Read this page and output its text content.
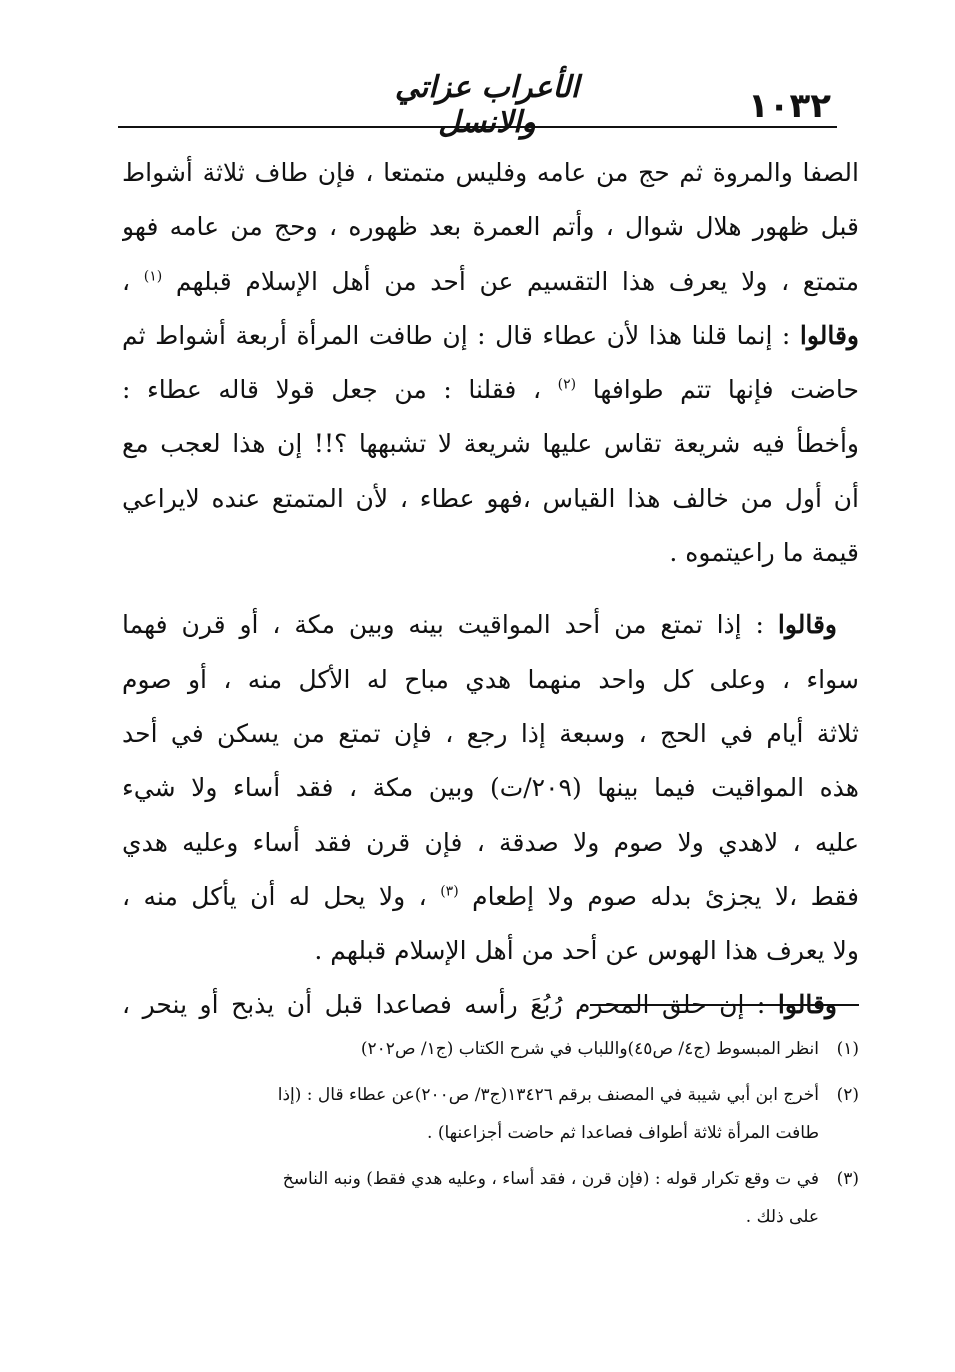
١٠٣٢
الأعراب عزاتي والانسل
الصفا والمروة ثم حج من عامه وفليس متمتعا ، فإن طاف ثلاثة أشواط
قبل ظهور هلال شوال ، وأتم العمرة بعد ظهوره ، وحج من عامه فهو
متمتع ، ولا يعرف هذا التقسيم عن أحد من أهل الإسلام قبلهم $^{(١)}$ ،
وقالوا : إنما قلنا هذا لأن عطاء قال : إن طافت المرأة أربعة أشواط ثم
حاضت فإنها تتم طوافها $^{(٢)}$ ، فقلنا : من جعل قولا قاله عطاء :
وأخطأ فيه شريعة تقاس عليها شريعة لا تشبهها ؟!! إن هذا لعجب مع
أن أول من خالف هذا القياس ،فهو عطاء ، لأن المتمتع عنده لايراعي
قيمة ما راعيتموه .
وقالوا : إذا تمتع من أحد المواقيت بينه وبين مكة ، أو قرن فهما
سواء ، وعلى كل واحد منهما هدي مباح له الأكل منه ، أو صوم
ثلاثة أيام في الحج ، وسبعة إذا رجع ، فإن تمتع من يسكن في أحد
هذه المواقيت فيما بينها (٢٠٩/ت) وبين مكة ، فقد أساء ولا شيء
عليه ، لاهدي ولا صوم ولا صدقة ، فإن قرن فقد أساء وعليه هدي
فقط ،لا يجزئ بدله صوم ولا إطعام $^{(٣)}$ ، ولا يحل له أن يأكل منه ،
ولا يعرف هذا الهوس عن أحد من أهل الإسلام قبلهم .
وقالوا : إن حلق المحرم رُبُعَ رأسه فصاعدا قبل أن يذبح أو ينحر ،
(١)
انظر المبسوط (ج٤/ ص٤٥)واللباب في شرح الكتاب (ج١/ ص٢٠٢)
(٢)
أخرج ابن أبي شيبة في المصنف برقم ١٣٤٢٦(ج٣/ ص٢٠٠)عن عطاء قال : (إذا
طافت المرأة ثلاثة أطواف فصاعدا ثم حاضت أجزاعنها) .
(٣)
في ت وقع تكرار قوله : (فإن قرن ، فقد أساء ، وعليه هدي فقط) ونبه الناسخ
على ذلك .
